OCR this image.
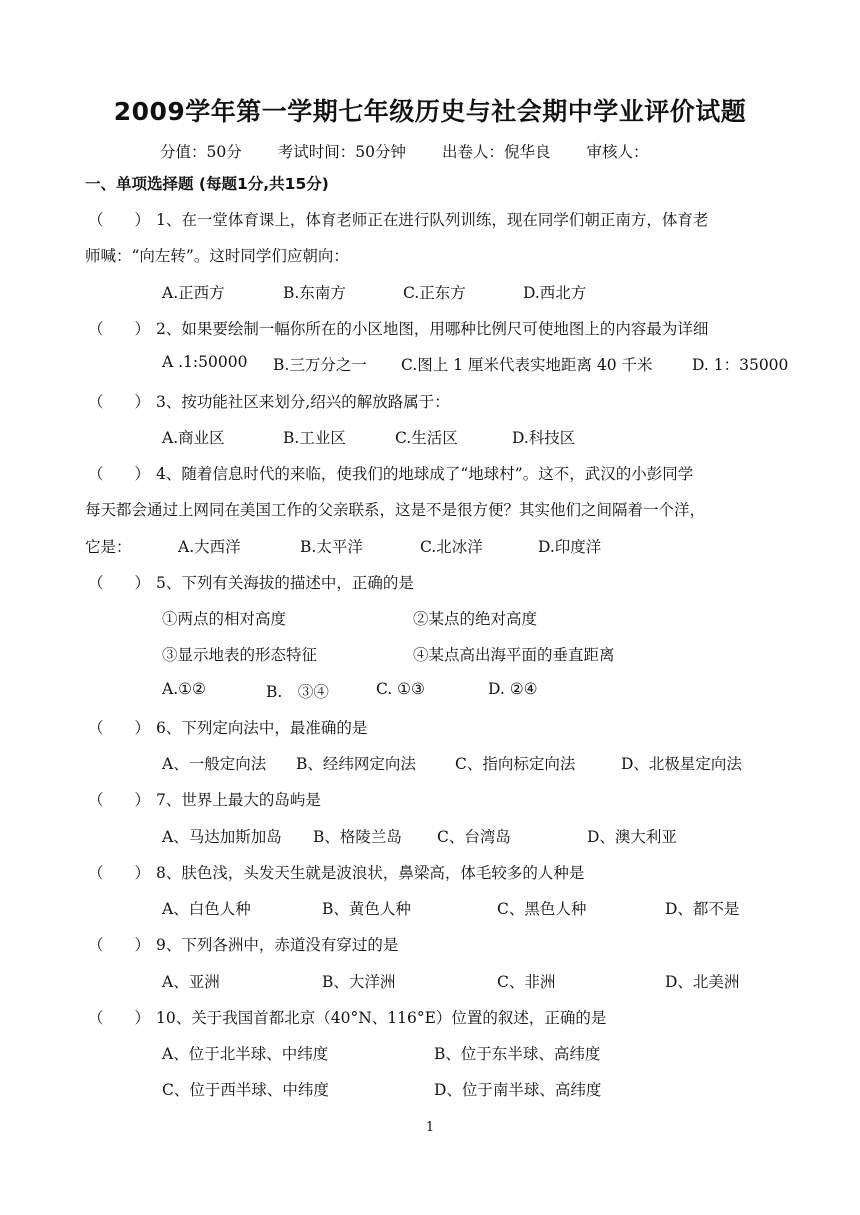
2009学年第一学期七年级历史与社会期中学业评价试题
分值：50分 考试时间：50分钟 出卷人：倪华良 审核人：
一、单项选择题 (每题1分,共15分)
（　　） 1、在一堂体育课上，体育老师正在进行队列训练，现在同学们朝正南方，体育老
师喊：“向左转”。这时同学们应朝向：
A.正西方	B.东南方	C.正东方	D.西北方
（　　） 2、如果要绘制一幅你所在的小区地图，用哪种比例尺可使地图上的内容最为详细
A .1:50000 B.三万分之一 C.图上 1 厘米代表实地距离 40 千米	D. 1：35000
（　　） 3、按功能社区来划分,绍兴的解放路属于：
A.商业区	B.工业区	C.生活区	D.科技区
（　　） 4、随着信息时代的来临，使我们的地球成了“地球村”。这不，武汉的小彭同学
每天都会通过上网同在美国工作的父亲联系，这是不是很方便？其实他们之间隔着一个洋，
它是：	A.大西洋	B.太平洋	C.北冰洋	D.印度洋
（　　） 5、下列有关海拔的描述中，正确的是
①两点的相对高度	②某点的绝对高度
③显示地表的形态特征	④某点高出海平面的垂直距离
A.①②	B.　③④	C. ①③	D. ②④
（　　） 6、下列定向法中，最准确的是
A、一般定向法 B、经纬网定向法	C、指向标定向法	D、北极星定向法
（　　） 7、世界上最大的岛屿是
A、马达加斯加岛 B、格陵兰岛 C、台湾岛	D、澳大利亚
（　　） 8、肤色浅，头发天生就是波浪状，鼻梁高，体毛较多的人种是
A、白色人种	B、黄色人种	C、黑色人种	D、都不是
（　　） 9、下列各洲中，赤道没有穿过的是
A、亚洲	B、大洋洲	C、非洲	D、北美洲
（　　） 10、关于我国首都北京（40°N、116°E）位置的叙述，正确的是
A、位于北半球、中纬度	B、位于东半球、高纬度
C、位于西半球、中纬度	D、位于南半球、高纬度
1
